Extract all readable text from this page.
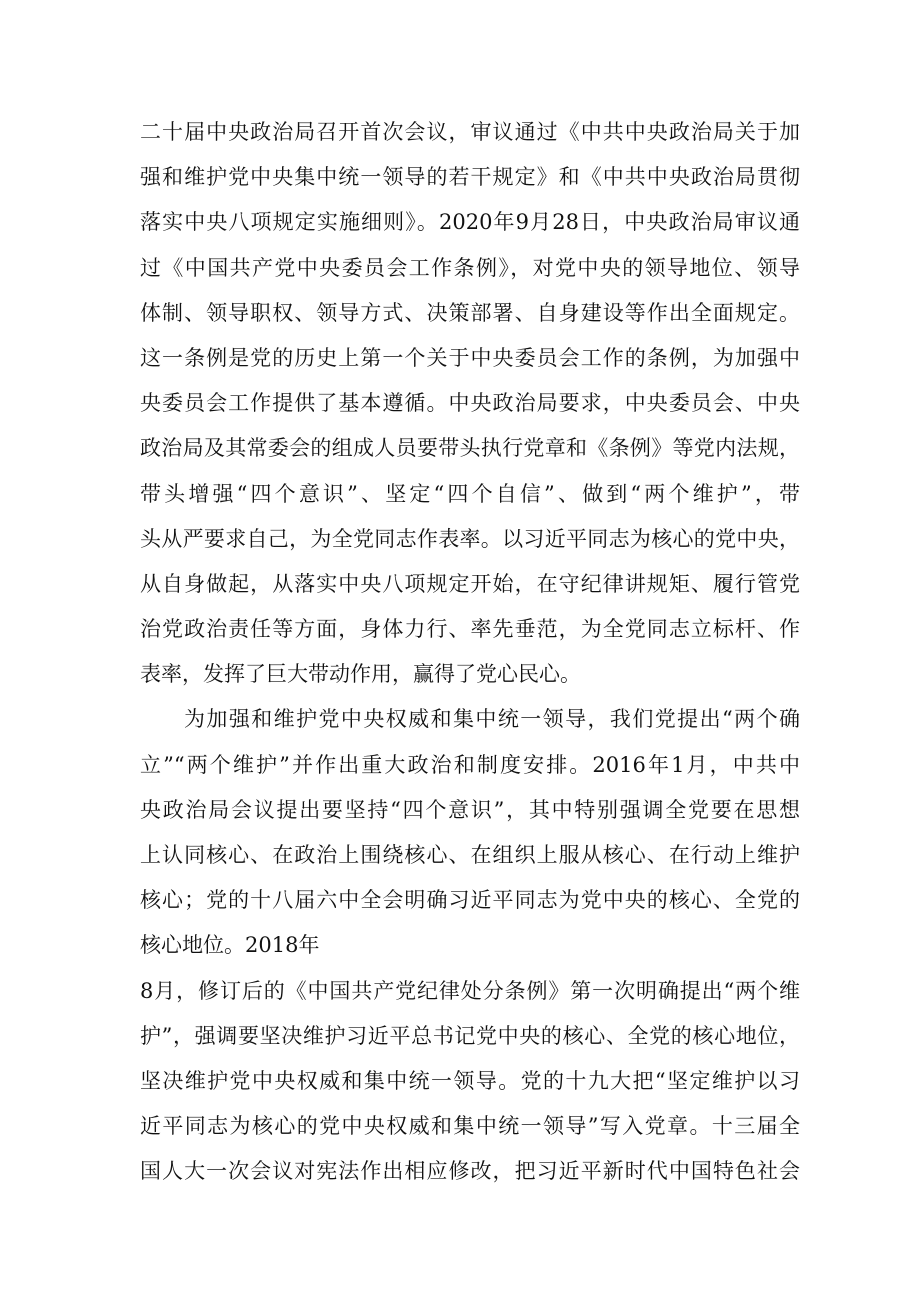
二十届中央政治局召开首次会议，审议通过《中共中央政治局关于加
强和维护党中央集中统一领导的若干规定》和《中共中央政治局贯彻
落实中央八项规定实施细则》。2020年9月28日，中央政治局审议通
过《中国共产党中央委员会工作条例》，对党中央的领导地位、领导
体制、领导职权、领导方式、决策部署、自身建设等作出全面规定。
这一条例是党的历史上第一个关于中央委员会工作的条例，为加强中
央委员会工作提供了基本遵循。中央政治局要求，中央委员会、中央
政治局及其常委会的组成人员要带头执行党章和《条例》等党内法规，
带头增强“四个意识”、坚定“四个自信”、做到“两个维护”，带
头从严要求自己，为全党同志作表率。以习近平同志为核心的党中央，
从自身做起，从落实中央八项规定开始，在守纪律讲规矩、履行管党
治党政治责任等方面，身体力行、率先垂范，为全党同志立标杆、作
表率，发挥了巨大带动作用，赢得了党心民心。
为加强和维护党中央权威和集中统一领导，我们党提出“两个确
立”“两个维护”并作出重大政治和制度安排。2016年1月，中共中
央政治局会议提出要坚持“四个意识”，其中特别强调全党要在思想
上认同核心、在政治上围绕核心、在组织上服从核心、在行动上维护
核心；党的十八届六中全会明确习近平同志为党中央的核心、全党的
核心地位。2018年
8月，修订后的《中国共产党纪律处分条例》第一次明确提出“两个维
护”，强调要坚决维护习近平总书记党中央的核心、全党的核心地位，
坚决维护党中央权威和集中统一领导。党的十九大把“坚定维护以习
近平同志为核心的党中央权威和集中统一领导”写入党章。十三届全
国人大一次会议对宪法作出相应修改，把习近平新时代中国特色社会
